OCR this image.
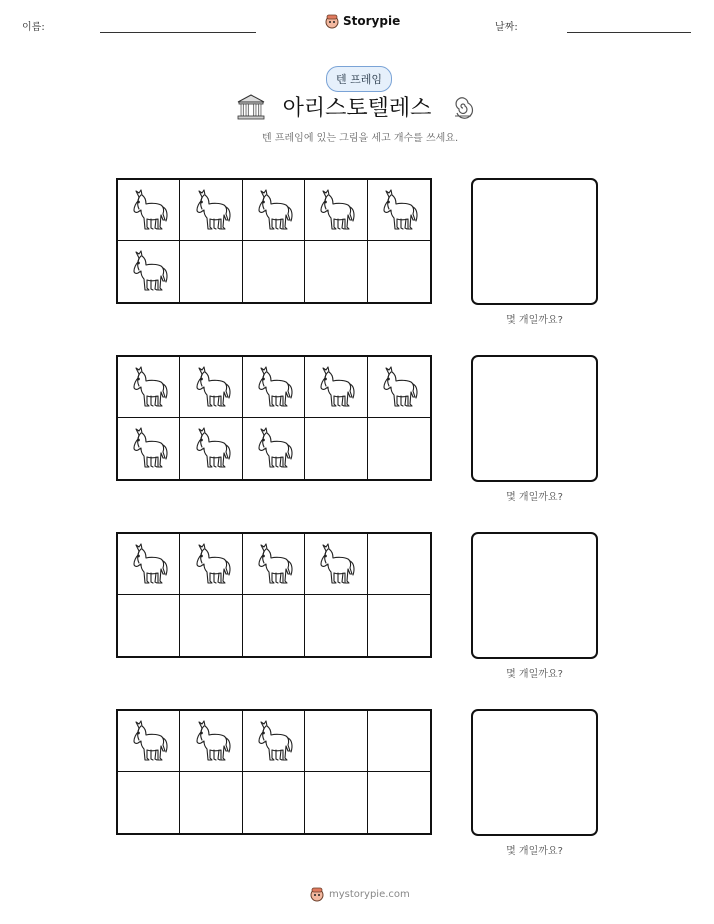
이름:	Storypie	날짜:
텐 프레임
아리스토텔레스
텐 프레임에 있는 그림을 세고 개수를 쓰세요.
몇 개일까요?
몇 개일까요?
몇 개일까요?
몇 개일까요?
mystorypie.com
